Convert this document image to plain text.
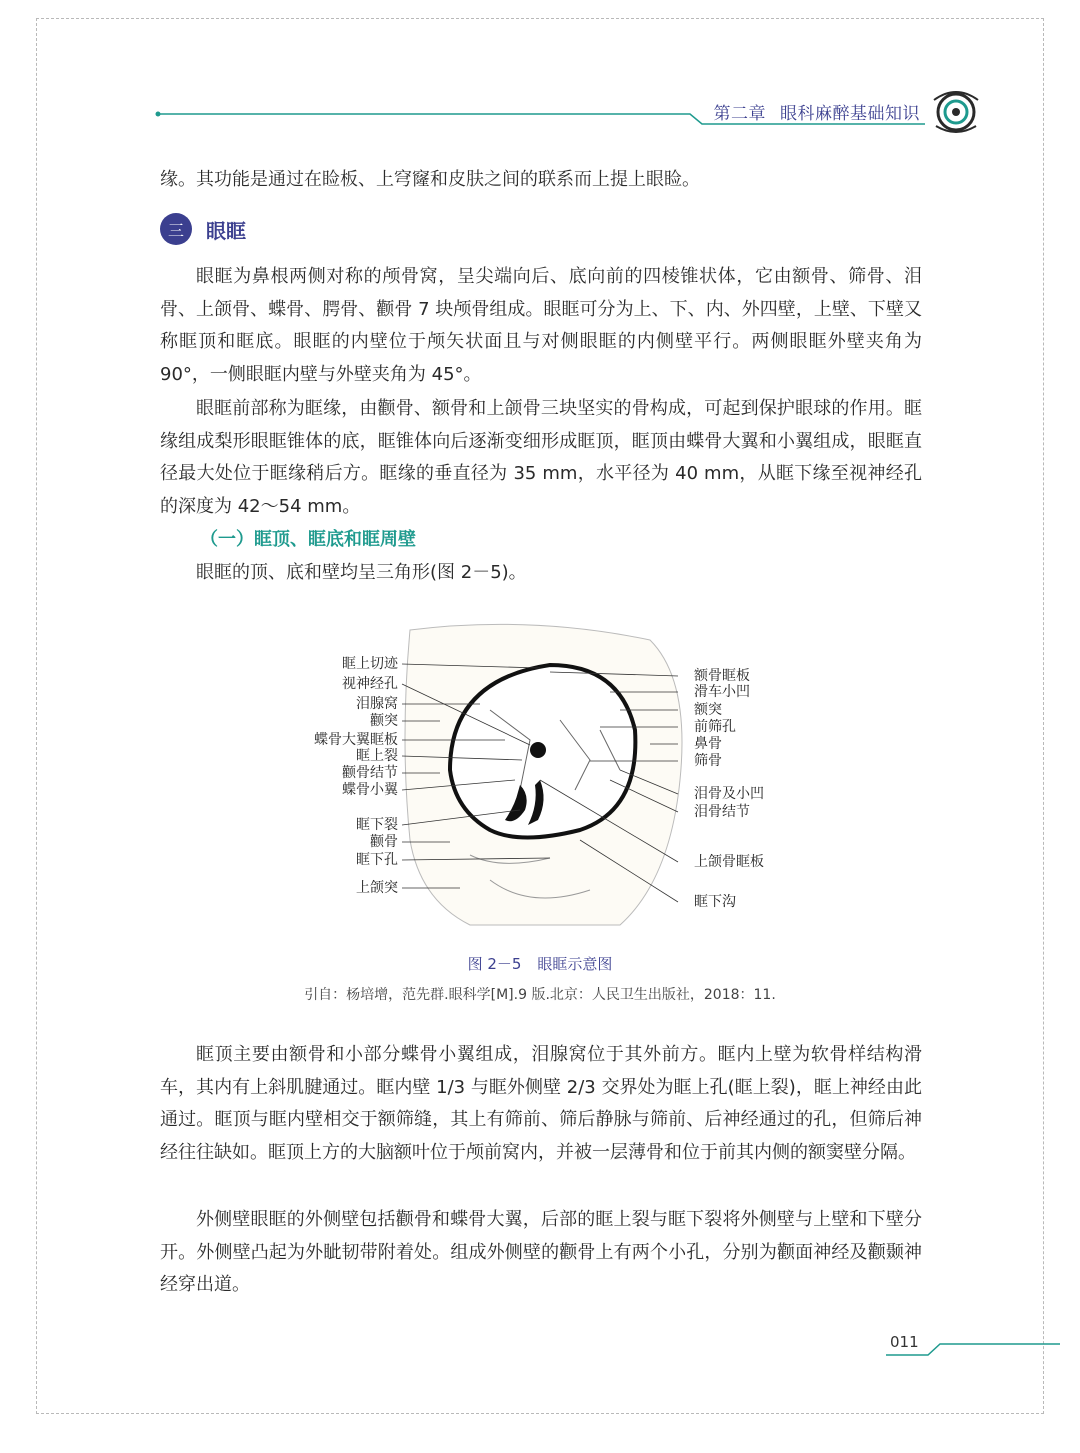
第二章 眼科麻醉基础知识
缘。其功能是通过在睑板、上穹窿和皮肤之间的联系而上提上眼睑。
三	眼眶
眼眶为鼻根两侧对称的颅骨窝，呈尖端向后、底向前的四棱锥状体，它由额骨、筛骨、泪骨、上颌骨、蝶骨、腭骨、颧骨 7 块颅骨组成。眼眶可分为上、下、内、外四壁，上壁、下壁又称眶顶和眶底。眼眶的内壁位于颅矢状面且与对侧眼眶的内侧壁平行。两侧眼眶外壁夹角为 90°，一侧眼眶内壁与外壁夹角为 45°。
眼眶前部称为眶缘，由颧骨、额骨和上颌骨三块坚实的骨构成，可起到保护眼球的作用。眶缘组成梨形眼眶锥体的底，眶锥体向后逐渐变细形成眶顶，眶顶由蝶骨大翼和小翼组成，眼眶直径最大处位于眶缘稍后方。眶缘的垂直径为 35 mm，水平径为 40 mm，从眶下缘至视神经孔的深度为 42～54 mm。
（一）眶顶、眶底和眶周壁
眼眶的顶、底和壁均呈三角形(图 2－5)。
眶上切迹
视神经孔
泪腺窝
颧突
蝶骨大翼眶板
眶上裂
颧骨结节
蝶骨小翼
眶下裂
颧骨
眶下孔
上颌突
额骨眶板
滑车小凹
额突
前筛孔
鼻骨
筛骨
泪骨及小凹
泪骨结节
上颌骨眶板
眶下沟
图 2－5 眼眶示意图
引自：杨培增，范先群.眼科学[M].9 版.北京：人民卫生出版社，2018：11.
眶顶主要由额骨和小部分蝶骨小翼组成，泪腺窝位于其外前方。眶内上壁为软骨样结构滑车，其内有上斜肌腱通过。眶内壁 1/3 与眶外侧壁 2/3 交界处为眶上孔(眶上裂)，眶上神经由此通过。眶顶与眶内壁相交于额筛缝，其上有筛前、筛后静脉与筛前、后神经通过的孔，但筛后神经往往缺如。眶顶上方的大脑额叶位于颅前窝内，并被一层薄骨和位于前其内侧的额窦壁分隔。
外侧壁眼眶的外侧壁包括颧骨和蝶骨大翼，后部的眶上裂与眶下裂将外侧壁与上壁和下壁分开。外侧壁凸起为外眦韧带附着处。组成外侧壁的颧骨上有两个小孔，分别为颧面神经及颧颞神经穿出道。
011
